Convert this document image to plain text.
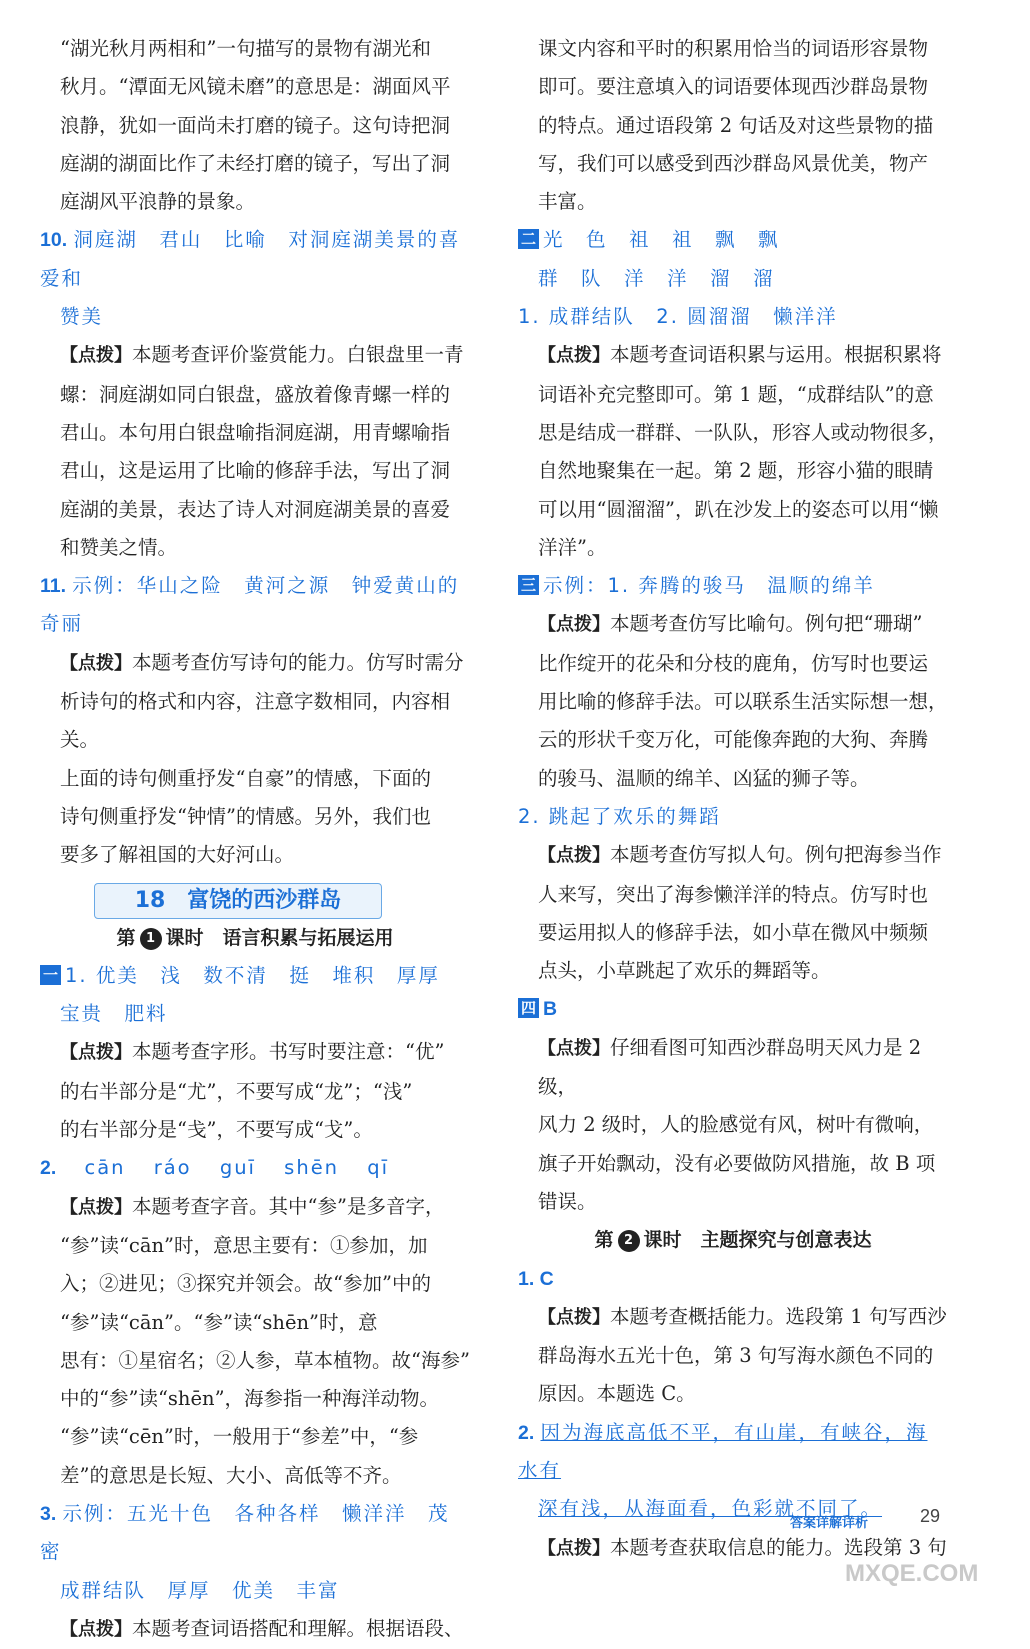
“湖光秋月两相和”一句描写的景物有湖光和
秋月。“潭面无风镜未磨”的意思是：湖面风平
浪静，犹如一面尚未打磨的镜子。这句诗把洞
庭湖的湖面比作了未经打磨的镜子，写出了洞
庭湖风平浪静的景象。
10. 洞庭湖　君山　比喻　对洞庭湖美景的喜爱和
赞美
【点拨】本题考查评价鉴赏能力。白银盘里一青
螺：洞庭湖如同白银盘，盛放着像青螺一样的
君山。本句用白银盘喻指洞庭湖，用青螺喻指
君山，这是运用了比喻的修辞手法，写出了洞
庭湖的美景，表达了诗人对洞庭湖美景的喜爱
和赞美之情。
11. 示例：华山之险　黄河之源　钟爱黄山的奇丽
【点拨】本题考查仿写诗句的能力。仿写时需分
析诗句的格式和内容，注意字数相同，内容相关。
上面的诗句侧重抒发“自豪”的情感，下面的
诗句侧重抒发“钟情”的情感。另外，我们也
要多了解祖国的大好河山。
18　富饶的西沙群岛
第 1 课时　语言积累与拓展运用
一 1. 优美　浅　数不清　挺　堆积　厚厚
宝贵　肥料
【点拨】本题考查字形。书写时要注意：“优”
的右半部分是“尤”，不要写成“龙”；“浅”
的右半部分是“戋”，不要写成“戈”。
2. cān ráo guī shēn qī
【点拨】本题考查字音。其中“参”是多音字，
“参”读“cān”时，意思主要有：①参加，加
入；②进见；③探究并领会。故“参加”中的
“参”读“cān”。“参”读“shēn”时，意
思有：①星宿名；②人参，草本植物。故“海参”
中的“参”读“shēn”，海参指一种海洋动物。
“参”读“cēn”时，一般用于“参差”中，“参
差”的意思是长短、大小、高低等不齐。
3. 示例：五光十色　各种各样　懒洋洋　茂密
成群结队　厚厚　优美　丰富
【点拨】本题考查词语搭配和理解。根据语段、
课文内容和平时的积累用恰当的词语形容景物
即可。要注意填入的词语要体现西沙群岛景物
的特点。通过语段第 2 句话及对这些景物的描
写，我们可以感受到西沙群岛风景优美，物产
丰富。
二 光　色　祖　祖　飘　飘
群　队　洋　洋　溜　溜
1. 成群结队　2. 圆溜溜　懒洋洋
【点拨】本题考查词语积累与运用。根据积累将
词语补充完整即可。第 1 题，“成群结队”的意
思是结成一群群、一队队，形容人或动物很多，
自然地聚集在一起。第 2 题，形容小猫的眼睛
可以用“圆溜溜”，趴在沙发上的姿态可以用“懒
洋洋”。
三 示例：1. 奔腾的骏马　温顺的绵羊
【点拨】本题考查仿写比喻句。例句把“珊瑚”
比作绽开的花朵和分枝的鹿角，仿写时也要运
用比喻的修辞手法。可以联系生活实际想一想，
云的形状千变万化，可能像奔跑的大狗、奔腾
的骏马、温顺的绵羊、凶猛的狮子等。
2. 跳起了欢乐的舞蹈
【点拨】本题考查仿写拟人句。例句把海参当作
人来写，突出了海参懒洋洋的特点。仿写时也
要运用拟人的修辞手法，如小草在微风中频频
点头，小草跳起了欢乐的舞蹈等。
四 B
【点拨】仔细看图可知西沙群岛明天风力是 2 级，
风力 2 级时，人的脸感觉有风，树叶有微响，
旗子开始飘动，没有必要做防风措施，故 B 项
错误。
第 2 课时　主题探究与创意表达
1. C
【点拨】本题考查概括能力。选段第 1 句写西沙
群岛海水五光十色，第 3 句写海水颜色不同的
原因。本题选 C。
2. 因为海底高低不平，有山崖，有峡谷，海水有
深有浅，从海面看，色彩就不同了。
【点拨】本题考查获取信息的能力。选段第 3 句
答案详解详析	29
MXQE.COM
